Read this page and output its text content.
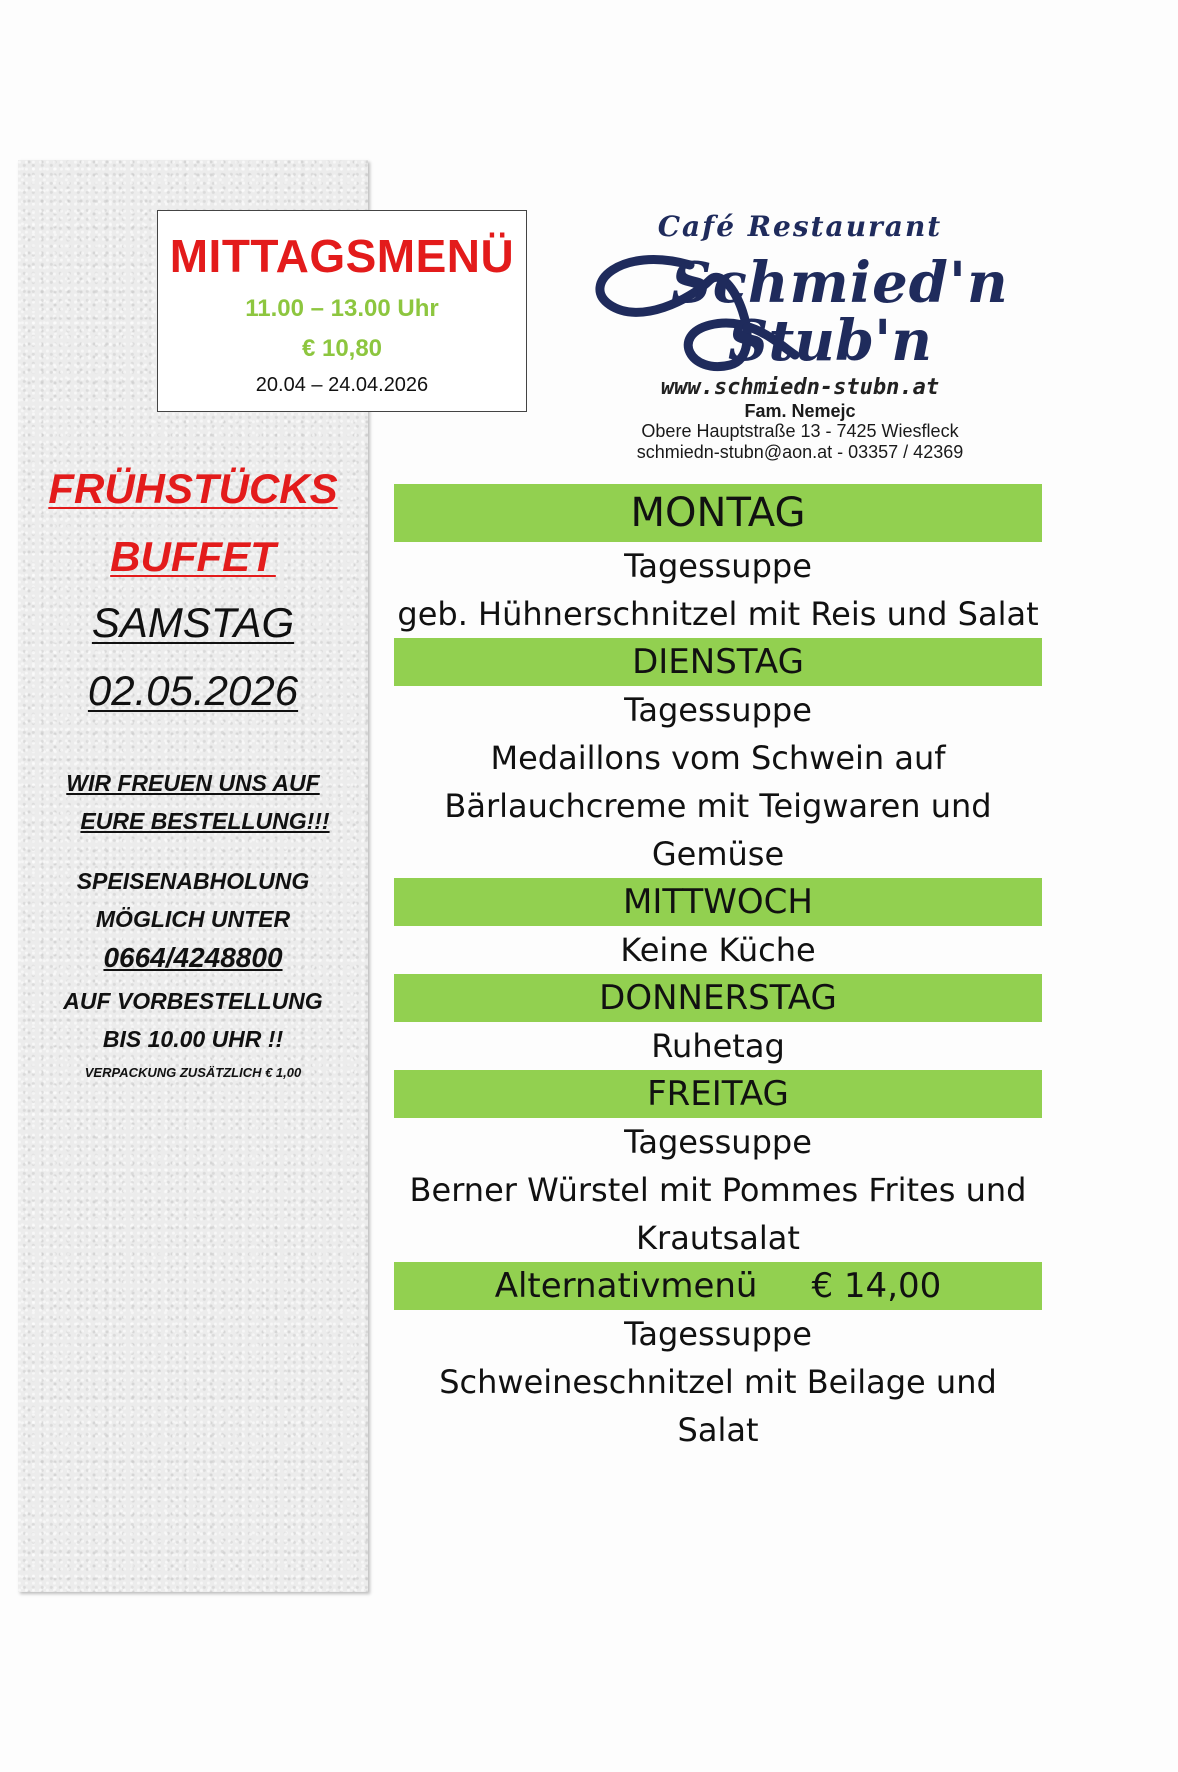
FRÜHSTÜCKS
BUFFET
SAMSTAG
02.05.2026
WIR FREUEN UNS AUF
EURE BESTELLUNG!!!
SPEISENABHOLUNG
MÖGLICH UNTER
0664/4248800
AUF VORBESTELLUNG
BIS 10.00 UHR !!
VERPACKUNG ZUSÄTZLICH € 1,00
MITTAGSMENÜ
11.00 – 13.00 Uhr
€ 10,80
20.04 – 24.04.2026
Café Restaurant
Schmied'n
Stub'n
www.schmiedn-stubn.at
Fam. Nemejc
Obere Hauptstraße 13 - 7425 Wiesfleck
schmiedn-stubn@aon.at - 03357 / 42369
MONTAG
Tagessuppe
geb. Hühnerschnitzel mit Reis und Salat
DIENSTAG
Tagessuppe
Medaillons vom Schwein auf
Bärlauchcreme mit Teigwaren und
Gemüse
MITTWOCH
Keine Küche
DONNERSTAG
Ruhetag
FREITAG
Tagessuppe
Berner Würstel mit Pommes Frites und
Krautsalat
Alternativmenü € 14,00
Tagessuppe
Schweineschnitzel mit Beilage und
Salat
